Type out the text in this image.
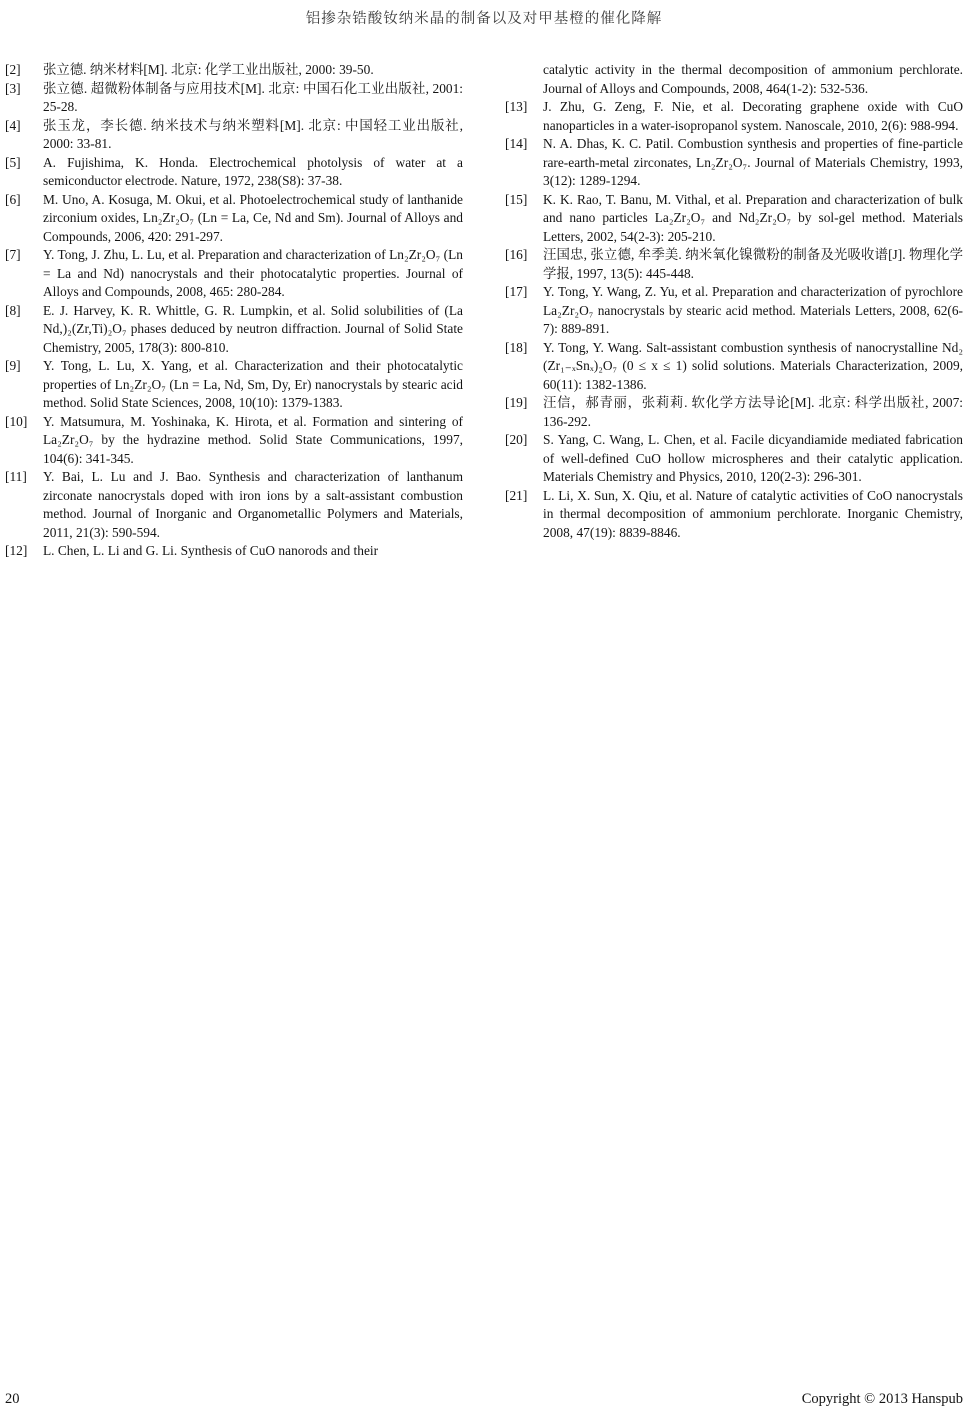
铝掺杂锆酸钕纳米晶的制备以及对甲基橙的催化降解
[2] 张立德. 纳米材料[M]. 北京: 化学工业出版社, 2000: 39-50.
[3] 张立德. 超微粉体制备与应用技术[M]. 北京: 中国石化工业出版社, 2001: 25-28.
[4] 张玉龙，李长德. 纳米技术与纳米塑料[M]. 北京: 中国轻工业出版社, 2000: 33-81.
[5] A. Fujishima, K. Honda. Electrochemical photolysis of water at a semiconductor electrode. Nature, 1972, 238(S8): 37-38.
[6] M. Uno, A. Kosuga, M. Okui, et al. Photoelectrochemical study of lanthanide zirconium oxides, Ln₂Zr₂O₇ (Ln = La, Ce, Nd and Sm). Journal of Alloys and Compounds, 2006, 420: 291-297.
[7] Y. Tong, J. Zhu, L. Lu, et al. Preparation and characterization of Ln₂Zr₂O₇ (Ln = La and Nd) nanocrystals and their photocatalytic properties. Journal of Alloys and Compounds, 2008, 465: 280-284.
[8] E. J. Harvey, K. R. Whittle, G. R. Lumpkin, et al. Solid solubilities of (La Nd,)₂(Zr,Ti)₂O₇ phases deduced by neutron diffraction. Journal of Solid State Chemistry, 2005, 178(3): 800-810.
[9] Y. Tong, L. Lu, X. Yang, et al. Characterization and their photocatalytic properties of Ln₂Zr₂O₇ (Ln = La, Nd, Sm, Dy, Er) nanocrystals by stearic acid method. Solid State Sciences, 2008, 10(10): 1379-1383.
[10] Y. Matsumura, M. Yoshinaka, K. Hirota, et al. Formation and sintering of La₂Zr₂O₇ by the hydrazine method. Solid State Communications, 1997, 104(6): 341-345.
[11] Y. Bai, L. Lu and J. Bao. Synthesis and characterization of lanthanum zirconate nanocrystals doped with iron ions by a salt-assistant combustion method. Journal of Inorganic and Organometallic Polymers and Materials, 2011, 21(3): 590-594.
[12] L. Chen, L. Li and G. Li. Synthesis of CuO nanorods and their
catalytic activity in the thermal decomposition of ammonium perchlorate. Journal of Alloys and Compounds, 2008, 464(1-2): 532-536.
[13] J. Zhu, G. Zeng, F. Nie, et al. Decorating graphene oxide with CuO nanoparticles in a water-isopropanol system. Nanoscale, 2010, 2(6): 988-994.
[14] N. A. Dhas, K. C. Patil. Combustion synthesis and properties of fine-particle rare-earth-metal zirconates, Ln₂Zr₂O₇. Journal of Materials Chemistry, 1993, 3(12): 1289-1294.
[15] K. K. Rao, T. Banu, M. Vithal, et al. Preparation and characterization of bulk and nano particles La₂Zr₂O₇ and Nd₂Zr₂O₇ by sol-gel method. Materials Letters, 2002, 54(2-3): 205-210.
[16] 汪国忠, 张立德, 牟季美. 纳米氧化镍微粉的制备及光吸收谱[J]. 物理化学学报, 1997, 13(5): 445-448.
[17] Y. Tong, Y. Wang, Z. Yu, et al. Preparation and characterization of pyrochlore La₂Zr₂O₇ nanocrystals by stearic acid method. Materials Letters, 2008, 62(6-7): 889-891.
[18] Y. Tong, Y. Wang. Salt-assistant combustion synthesis of nanocrystalline Nd₂ (Zr₁₋ₓSnₓ)₂O₇ (0 ≤ x ≤ 1) solid solutions. Materials Characterization, 2009, 60(11): 1382-1386.
[19] 汪信，郝青丽，张莉莉. 软化学方法导论[M]. 北京: 科学出版社, 2007: 136-292.
[20] S. Yang, C. Wang, L. Chen, et al. Facile dicyandiamide mediated fabrication of well-defined CuO hollow microspheres and their catalytic application. Materials Chemistry and Physics, 2010, 120(2-3): 296-301.
[21] L. Li, X. Sun, X. Qiu, et al. Nature of catalytic activities of CoO nanocrystals in thermal decomposition of ammonium perchlorate. Inorganic Chemistry, 2008, 47(19): 8839-8846.
20	Copyright © 2013 Hanspub
